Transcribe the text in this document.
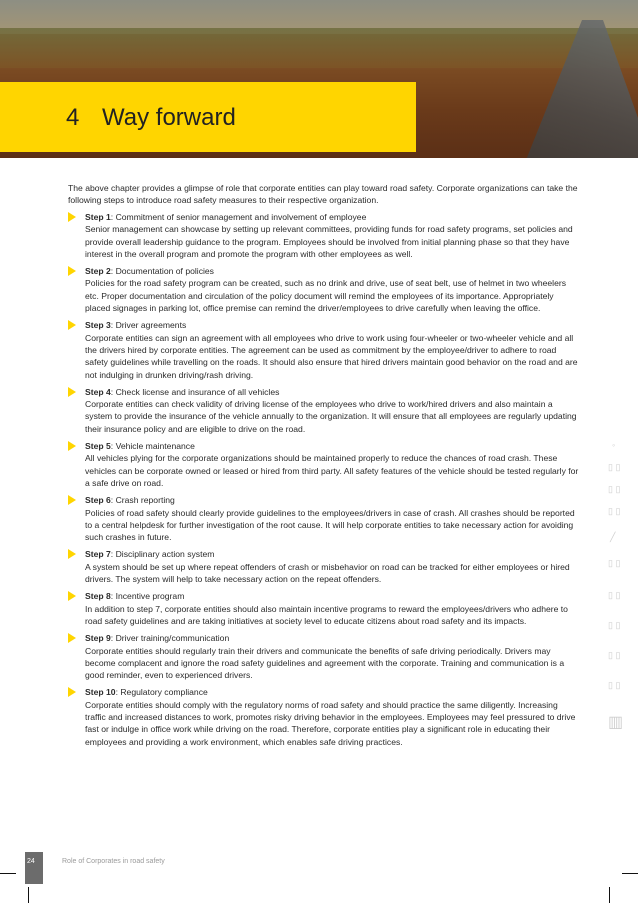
4 Way forward
The above chapter provides a glimpse of role that corporate entities can play toward road safety. Corporate organizations can take the following steps to introduce road safety measures to their respective organization.
Step 1: Commitment of senior management and involvement of employee
Senior management can showcase by setting up relevant committees, providing funds for road safety programs, set policies and provide overall leadership guidance to the program. Employees should be involved from initial planning phase so that they have interest in the overall program and promote the program with other employees as well.
Step 2: Documentation of policies
Policies for the road safety program can be created, such as no drink and drive, use of seat belt, use of helmet in two wheelers etc. Proper documentation and circulation of the policy document will remind the employees of its importance. Appropriately placed signages in parking lot, office premise can remind the driver/employees to drive carefully when leaving the office.
Step 3: Driver agreements
Corporate entities can sign an agreement with all employees who drive to work using four-wheeler or two-wheeler vehicle and all the drivers hired by corporate entities. The agreement can be used as commitment by the employee/driver to adhere to road safety guidelines while travelling on the roads. It should also ensure that hired drivers maintain good behavior on the road and are not indulging in drunken driving/rash driving.
Step 4: Check license and insurance of all vehicles
Corporate entities can check validity of driving license of the employees who drive to work/hired drivers and also maintain a system to provide the insurance of the vehicle annually to the organization. It will ensure that all employees are regularly updating their insurance policy and are eligible to drive on the road.
Step 5: Vehicle maintenance
All vehicles plying for the corporate organizations should be maintained properly to reduce the chances of road crash. These vehicles can be corporate owned or leased or hired from third party. All safety features of the vehicle should be tested regularly for a safe drive on road.
Step 6: Crash reporting
Policies of road safety should clearly provide guidelines to the employees/drivers in case of crash. All crashes should be reported to a central helpdesk for further investigation of the root cause. It will help corporate entities to take necessary action for avoiding such crashes in future.
Step 7: Disciplinary action system
A system should be set up where repeat offenders of crash or misbehavior on road can be tracked for either employees or hired drivers. The system will help to take necessary action on the repeat offenders.
Step 8: Incentive program
In addition to step 7, corporate entities should also maintain incentive programs to reward the employees/drivers who adhere to road safety guidelines and are taking initiatives at society level to educate citizens about road safety and its impacts.
Step 9: Driver training/communication
Corporate entities should regularly train their drivers and communicate the benefits of safe driving periodically. Drivers may become complacent and ignore the road safety guidelines and agreement with the corporate. Training and communication is a good reminder, even to experienced drivers.
Step 10: Regulatory compliance
Corporate entities should comply with the regulatory norms of road safety and should practice the same diligently. Increasing traffic and increased distances to work, promotes risky driving behavior in the employees. Employees may feel pressured to drive fast or indulge in office work while driving on the road. Therefore, corporate entities play a significant role in educating their employees and providing a work environment, which enables safe driving practices.
◦
▯ ▯
▯ ▯
▯ ▯
╱
▯ ▯
▯ ▯
▯ ▯
▯ ▯
▯ ▯
▥
24	Role of Corporates in road safety
